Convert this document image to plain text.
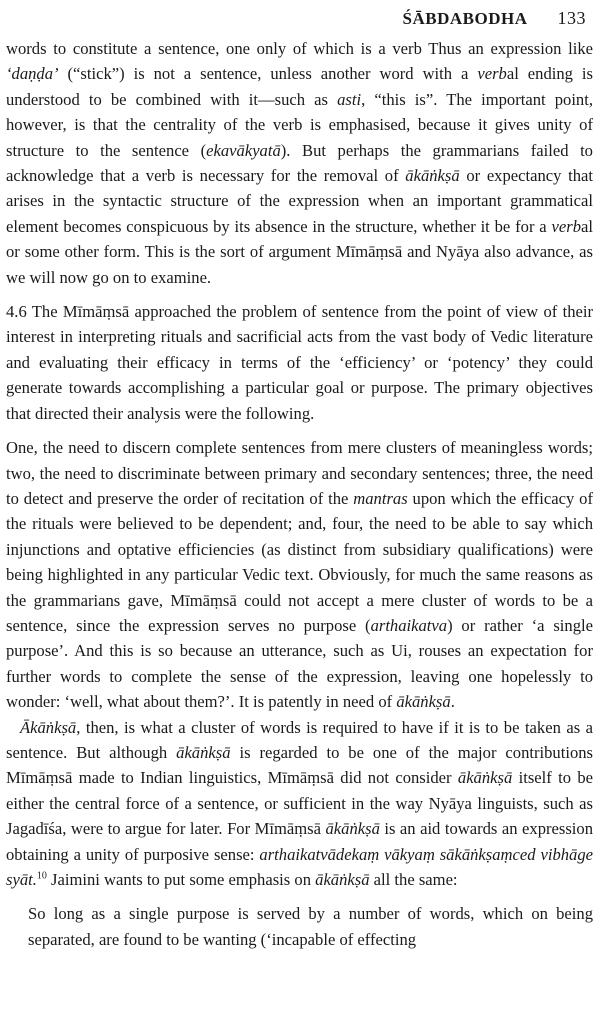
ŚĀBDABODHA 133

words to constitute a sentence, one only of which is a verb Thus an expression like ‘daṇḍa’ (“stick”) is not a sentence, unless another word with a verbal ending is understood to be combined with it—such as asti, “this is”. The important point, however, is that the centrality of the verb is emphasised, because it gives unity of structure to the sentence (ekavākyatā). But perhaps the grammarians failed to acknowledge that a verb is necessary for the removal of ākāṅkṣā or expectancy that arises in the syntactic structure of the expression when an important grammatical element becomes conspicuous by its absence in the structure, whether it be for a verbal or some other form. This is the sort of argument Mīmāṃsā and Nyāya also advance, as we will now go on to examine.

4.6 The Mīmāṃsā approached the problem of sentence from the point of view of their interest in interpreting rituals and sacrificial acts from the vast body of Vedic literature and evaluating their efficacy in terms of the ‘efficiency’ or ‘potency’ they could generate towards accomplishing a particular goal or purpose. The primary objectives that directed their analysis were the following.

One, the need to discern complete sentences from mere clusters of meaningless words; two, the need to discriminate between primary and secondary sentences; three, the need to detect and preserve the order of recitation of the mantras upon which the efficacy of the rituals were believed to be dependent; and, four, the need to be able to say which injunctions and optative efficiencies (as distinct from subsidiary qualifications) were being highlighted in any particular Vedic text. Obviously, for much the same reasons as the grammarians gave, Mīmāṃsā could not accept a mere cluster of words to be a sentence, since the expression serves no purpose (arthaikatva) or rather ‘a single purpose’. And this is so because an utterance, such as Ui, rouses an expectation for further words to complete the sense of the expression, leaving one hopelessly to wonder: ‘well, what about them?’. It is patently in need of ākāṅkṣā.

Ākāṅkṣā, then, is what a cluster of words is required to have if it is to be taken as a sentence. But although ākāṅkṣā is regarded to be one of the major contributions Mīmāṃsā made to Indian linguistics, Mīmāṃsā did not consider ākāṅkṣā itself to be either the central force of a sentence, or sufficient in the way Nyāya linguists, such as Jagadīśa, were to argue for later. For Mīmāṃsā ākāṅkṣā is an aid towards an expression obtaining a unity of purposive sense: arthaikatvādekaṃ vākyaṃ sākāṅkṣaṃced vibhāge syāt.$^{10}$ Jaimini wants to put some emphasis on ākāṅkṣā all the same:

So long as a single purpose is served by a number of words, which on being separated, are found to be wanting (‘incapable of effecting
